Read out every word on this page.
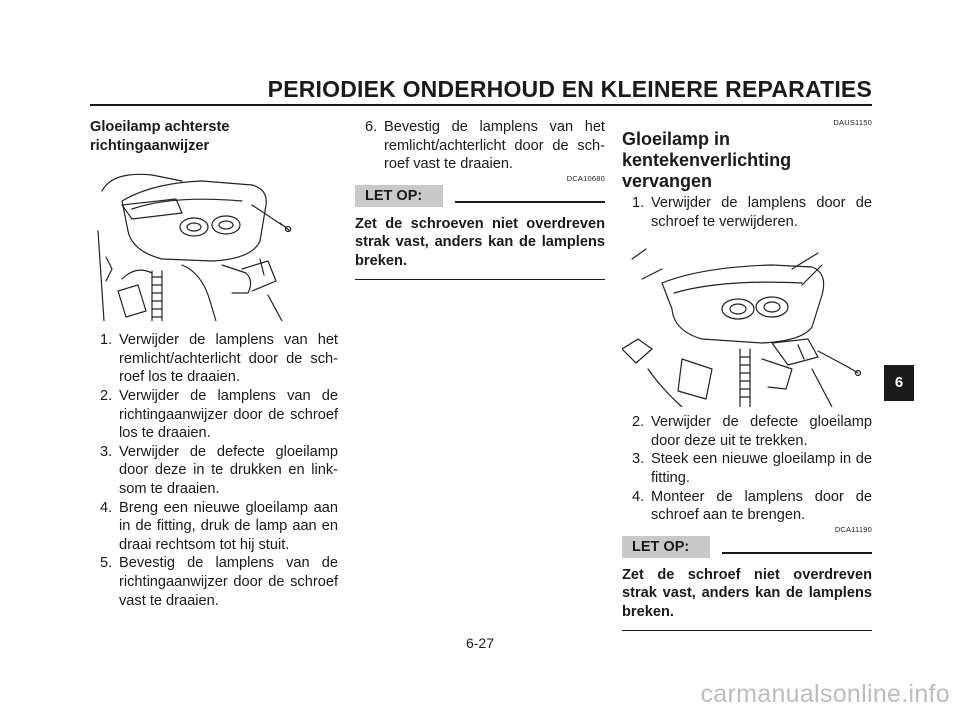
PERIODIEK ONDERHOUD EN KLEINERE REPARATIES
Gloeilamp achterste richtingaanwijzer
1. Verwijder de lamplens van het remlicht/achterlicht door de sch-roef los te draaien.
2. Verwijder de lamplens van de richtingaanwijzer door de schroef los te draaien.
3. Verwijder de defecte gloeilamp door deze in te drukken en link-som te draaien.
4. Breng een nieuwe gloeilamp aan in de fitting, druk de lamp aan en draai rechtsom tot hij stuit.
5. Bevestig de lamplens van de richtingaanwijzer door de schroef vast te draaien.
6. Bevestig de lamplens van het remlicht/achterlicht door de sch-roef vast te draaien.
DCA10680
LET OP:
Zet de schroeven niet overdreven strak vast, anders kan de lamplens breken.
DAUS1150
Gloeilamp in kentekenverlichting vervangen
1. Verwijder de lamplens door de schroef te verwijderen.
2. Verwijder de defecte gloeilamp door deze uit te trekken.
3. Steek een nieuwe gloeilamp in de fitting.
4. Monteer de lamplens door de schroef aan te brengen.
DCA11190
LET OP:
Zet de schroef niet overdreven strak vast, anders kan de lamplens breken.
6
6-27
carmanualsonline.info
